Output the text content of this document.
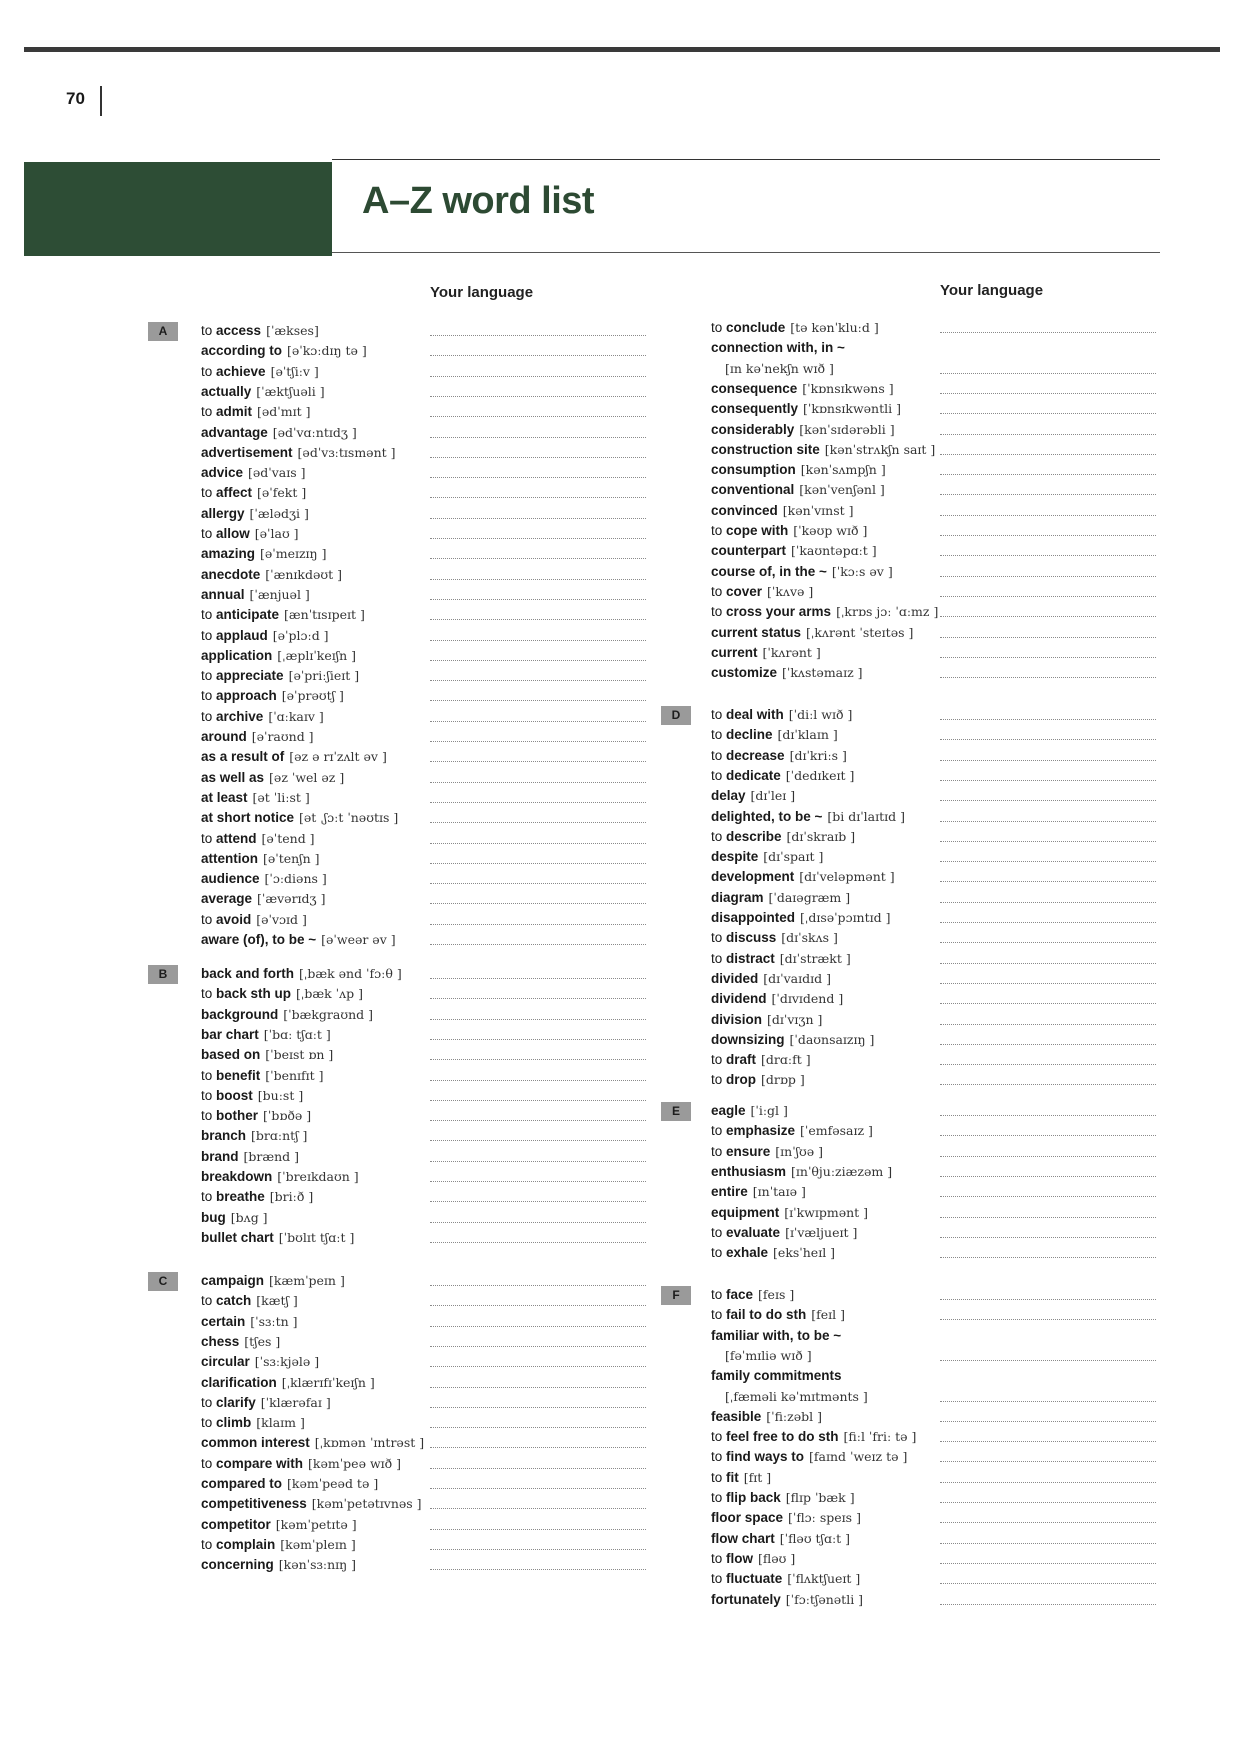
70
A–Z word list
Your language	Your language
A	to access [ˈækses]
according to [əˈkɔːdɪŋ tə ]
to achieve [əˈtʃiːv ]
actually [ˈæktʃuəli ]
to admit [ədˈmɪt ]
advantage [ədˈvɑːntɪdʒ ]
advertisement [ədˈvɜːtɪsmənt ]
advice [ədˈvaɪs ]
to affect [əˈfekt ]
allergy [ˈælədʒi ]
to allow [əˈlaʊ ]
amazing [əˈmeɪzɪŋ ]
anecdote [ˈænɪkdəʊt ]
annual [ˈænjuəl ]
to anticipate [ænˈtɪsɪpeɪt ]
to applaud [əˈplɔːd ]
application [ˌæplɪˈkeɪʃn ]
to appreciate [əˈpriːʃieɪt ]
to approach [əˈprəʊtʃ ]
to archive [ˈɑːkaɪv ]
around [əˈraʊnd ]
as a result of [əz ə rɪˈzʌlt əv ]
as well as [əz ˈwel əz ]
at least [ət ˈliːst ]
at short notice [ət ˌʃɔːt ˈnəʊtɪs ]
to attend [əˈtend ]
attention [əˈtenʃn ]
audience [ˈɔːdiəns ]
average [ˈævərɪdʒ ]
to avoid [əˈvɔɪd ]
aware (of), to be ~ [əˈweər əv ]
B	back and forth [ˌbæk ənd ˈfɔːθ ]
to back sth up [ˌbæk ˈʌp ]
background [ˈbækgraʊnd ]
bar chart [ˈbɑː tʃɑːt ]
based on [ˈbeɪst ɒn ]
to benefit [ˈbenɪfɪt ]
to boost [buːst ]
to bother [ˈbɒðə ]
branch [brɑːntʃ ]
brand [brænd ]
breakdown [ˈbreɪkdaʊn ]
to breathe [briːð ]
bug [bʌg ]
bullet chart [ˈbʊlɪt tʃɑːt ]
C	campaign [kæmˈpeɪn ]
to catch [kætʃ ]
certain [ˈsɜːtn ]
chess [tʃes ]
circular [ˈsɜːkjələ ]
clarification [ˌklærɪfɪˈkeɪʃn ]
to clarify [ˈklærəfaɪ ]
to climb [klaɪm ]
common interest [ˌkɒmən ˈɪntrəst ]
to compare with [kəmˈpeə wɪð ]
compared to [kəmˈpeəd tə ]
competitiveness [kəmˈpetətɪvnəs ]
competitor [kəmˈpetɪtə ]
to complain [kəmˈpleɪn ]
concerning [kənˈsɜːnɪŋ ]
to conclude [tə kənˈkluːd ]
connection with, in ~
[ɪn kəˈnekʃn wɪð ]
consequence [ˈkɒnsɪkwəns ]
consequently [ˈkɒnsɪkwəntli ]
considerably [kənˈsɪdərəbli ]
construction site [kənˈstrʌkʃn saɪt ]
consumption [kənˈsʌmpʃn ]
conventional [kənˈvenʃənl ]
convinced [kənˈvɪnst ]
to cope with [ˈkəʊp wɪð ]
counterpart [ˈkaʊntəpɑːt ]
course of, in the ~ [ˈkɔːs əv ]
to cover [ˈkʌvə ]
to cross your arms [ˌkrɒs jɔː ˈɑːmz ]
current status [ˌkʌrənt ˈsteɪtəs ]
current [ˈkʌrənt ]
customize [ˈkʌstəmaɪz ]
D	to deal with [ˈdiːl wɪð ]
to decline [dɪˈklaɪn ]
to decrease [dɪˈkriːs ]
to dedicate [ˈdedɪkeɪt ]
delay [dɪˈleɪ ]
delighted, to be ~ [bi dɪˈlaɪtɪd ]
to describe [dɪˈskraɪb ]
despite [dɪˈspaɪt ]
development [dɪˈveləpmənt ]
diagram [ˈdaɪəgræm ]
disappointed [ˌdɪsəˈpɔɪntɪd ]
to discuss [dɪˈskʌs ]
to distract [dɪˈstrækt ]
divided [dɪˈvaɪdɪd ]
dividend [ˈdɪvɪdend ]
division [dɪˈvɪʒn ]
downsizing [ˈdaʊnsaɪzɪŋ ]
to draft [drɑːft ]
to drop [drɒp ]
E	eagle [ˈiːgl ]
to emphasize [ˈemfəsaɪz ]
to ensure [ɪnˈʃʊə ]
enthusiasm [ɪnˈθjuːziæzəm ]
entire [ɪnˈtaɪə ]
equipment [ɪˈkwɪpmənt ]
to evaluate [ɪˈvæljueɪt ]
to exhale [eksˈheɪl ]
F	to face [feɪs ]
to fail to do sth [feɪl ]
familiar with, to be ~
[fəˈmɪliə wɪð ]
family commitments
[ˌfæməli kəˈmɪtmənts ]
feasible [ˈfiːzəbl ]
to feel free to do sth [fiːl ˈfriː tə ]
to find ways to [faɪnd ˈweɪz tə ]
to fit [fɪt ]
to flip back [flɪp ˈbæk ]
floor space [ˈflɔː speɪs ]
flow chart [ˈfləʊ tʃɑːt ]
to flow [fləʊ ]
to fluctuate [ˈflʌktʃueɪt ]
fortunately [ˈfɔːtʃənətli ]
